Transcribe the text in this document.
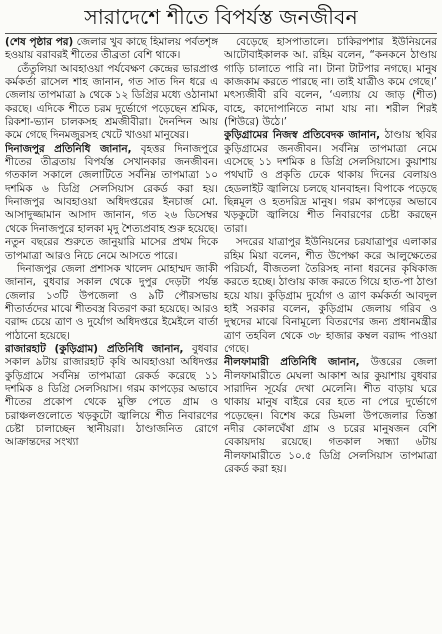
সারাদেশে শীতে বিপর্যস্ত জনজীবন

(শেষ পৃষ্ঠার পর) জেলার খুব কাছে হিমালয় পর্বতশৃঙ্গ হওয়ায় বরাবরই শীতের তীব্রতা বেশি থাকে।

তেঁতুলিয়া আবহাওয়া পর্যবেক্ষণ কেন্দ্রের ভারপ্রাপ্ত কর্মকর্তা রাসেল শাহ জানান, গত সাত দিন ধরে এ জেলায় তাপমাত্রা ৯ থেকে ১২ ডিগ্রির মধ্যে ওঠানামা করছে। এদিকে শীতে চরম দুর্ভোগে পড়েছেন শ্রমিক, রিকশা-ভ্যান চালকসহ শ্রমজীবীরা। দৈনন্দিন আয় কমে গেছে দিনমজুরসহ খেটে খাওয়া মানুষের।

দিনাজপুর প্রতিনিধি জানান, বৃহত্তর দিনাজপুরে শীতের তীব্রতায় বিপর্যস্ত সেখানকার জনজীবন। গতকাল সকালে জেলাটিতে সর্বনিম্ন তাপমাত্রা ১০ দশমিক ৬ ডিগ্রি সেলসিয়াস রেকর্ড করা হয়। দিনাজপুর আবহাওয়া অধিদপ্তরের ইনচার্জ মো. আসাদুজ্জামান আসাদ জানান, গত ২৬ ডিসেম্বর থেকে দিনাজপুরে হালকা মৃদু শৈত্যপ্রবাহ শুরু হয়েছে। নতুন বছরের শুরুতে জানুয়ারি মাসের প্রথম দিকে তাপমাত্রা আরও নিচে নেমে আসতে পারে।

দিনাজপুর জেলা প্রশাসক খালেদ মোহাম্মদ জাকী জানান, বুধবার সকাল থেকে দুপুর দেড়টা পর্যন্ত জেলার ১৩টি উপজেলা ও ৯টি পৌরসভায় শীতার্তদের মাঝে শীতবস্ত্র বিতরণ করা হয়েছে। আরও বরাদ্দ চেয়ে ত্রাণ ও দুর্যোগ অধিদপ্তরে ইমেইলে বার্তা পাঠানো হয়েছে।

রাজারহাট (কুড়িগ্রাম) প্রতিনিধি জানান, বুধবার সকাল ৯টায় রাজারহাট কৃষি আবহাওয়া অধিদপ্তর কুড়িগ্রামে সর্বনিম্ন তাপমাত্রা রেকর্ড করেছে ১১ দশমিক ৪ ডিগ্রি সেলসিয়াস। গরম কাপড়ের অভাবে শীতের প্রকোপ থেকে মুক্তি পেতে গ্রাম ও চরাঞ্চলগুলোতে খড়কুটো জ্বালিয়ে শীত নিবারণের চেষ্টা চালাচ্ছেন স্থানীয়রা। ঠাণ্ডাজনিত রোগে আক্রান্তদের সংখ্যা

বেড়েছে হাসপাতালে। চাকিরপশার ইউনিয়নের আটোবাইকালক আ. রহিম বলেন, “কনকনে ঠাণ্ডায় গাড়ি চালাতে পারি না। টানা টাটপার নগছে। মানুষ কাজকাম করতে পারছে না। তাই যাত্রীও কমে গেছে।’ মৎস্যজীবী রবি বলেন, ‘এল্যায় যে জাড় (শীত) বাহে, কাদোপানিতে নামা যায় না। শরীল শিরই (শিউরে) উঠে।’

কুড়িগ্রামের নিজস্ব প্রতিবেদক জানান, ঠাণ্ডায় স্থবির কুড়িগ্রামের জনজীবন। সর্বনিম্ন তাপমাত্রা নেমে এসেছে ১১ দশমিক ৪ ডিগ্রি সেলসিয়াসে। কুয়াশায় পথঘাট ও প্রকৃতি ঢেকে থাকায় দিনের বেলায়ও হেডলাইট জ্বালিয়ে চলছে যানবাহন। বিপাকে পড়েছে ছিন্নমূল ও হতদরিদ্র মানুষ। গরম কাপড়ের অভাবে খড়কুটো জ্বালিয়ে শীত নিবারণের চেষ্টা করছেন তারা।

সদরের যাত্রাপুর ইউনিয়নের চরযাত্রাপুর এলাকার রহিম মিয়া বলেন, শীত উপেক্ষা করে আলুক্ষেতের পরিচর্যা, বীজতলা তৈরিসহ নানা ধরনের কৃষিকাজ করতে হচ্ছে। ঠাণ্ডায় কাজ করতে গিয়ে হাত-পা ঠাণ্ডা হয়ে যায়। কুড়িগ্রাম দুর্যোগ ও ত্রাণ কর্মকর্তা আবদুল হাই সরকার বলেন, কুড়িগ্রাম জেলায় গরিব ও দুস্থদের মাঝে বিনামূল্যে বিতরণের জন্য প্রধানমন্ত্রীর ত্রাণ তহবিল থেকে ৩৮ হাজার কম্বল বরাদ্দ পাওয়া গেছে।

নীলফামারী প্রতিনিধি জানান, উত্তরের জেলা নীলফামারীতে মেঘলা আকাশ আর কুয়াশায় বুধবার সারাদিন সূর্যের দেখা মেলেনি। শীত বাড়ায় ঘরে থাকায় মানুষ বাইরে বের হতে না পেরে দুর্ভোগে পড়েছেন। বিশেষ করে ডিমলা উপজেলার তিস্তা নদীর কোলঘেঁষা গ্রাম ও চরের মানুষজন বেশি বেকায়দায় রয়েছে। গতকাল সন্ধ্যা ৬টায় নীলফামারীতে ১০.৫ ডিগ্রি সেলসিয়াস তাপমাত্রা রেকর্ড করা হয়।
